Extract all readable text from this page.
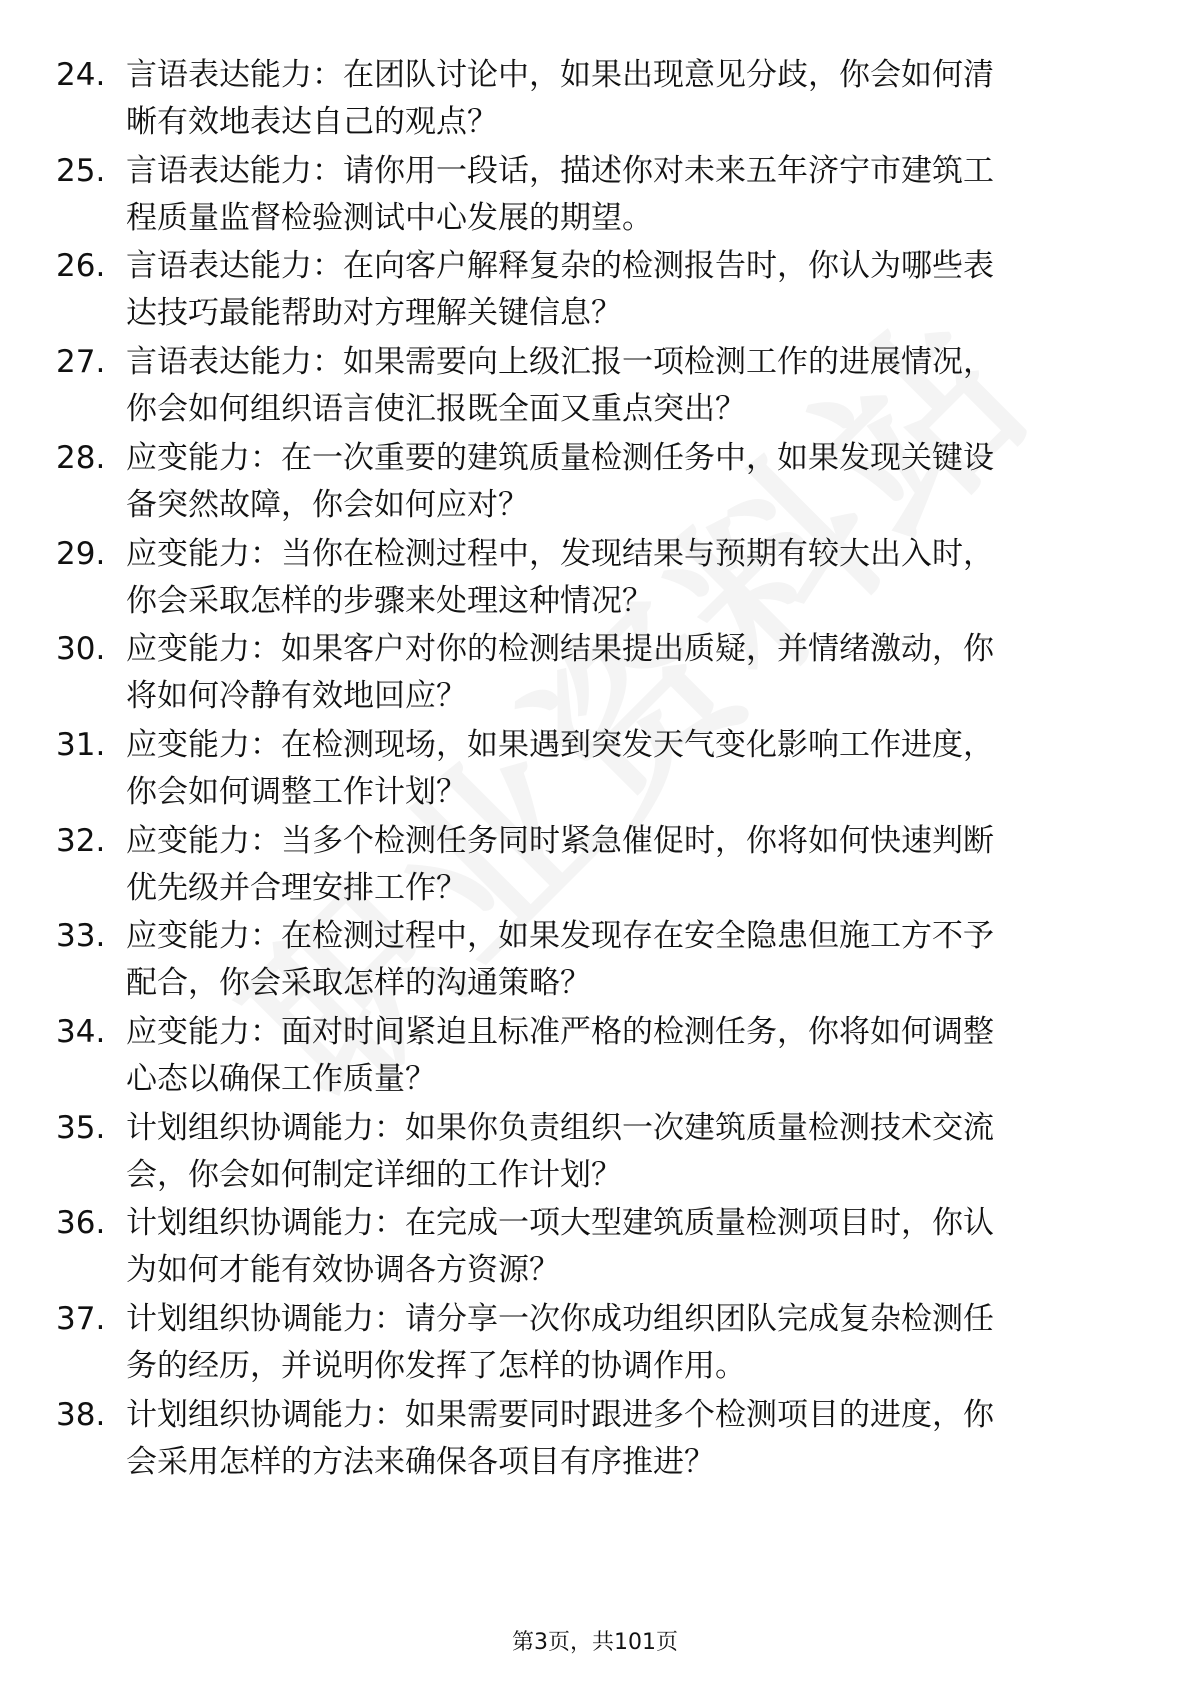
24. 言语表达能力：在团队讨论中，如果出现意见分歧，你会如何清
晰有效地表达自己的观点？
25. 言语表达能力：请你用一段话，描述你对未来五年济宁市建筑工
程质量监督检验测试中心发展的期望。
26. 言语表达能力：在向客户解释复杂的检测报告时，你认为哪些表
达技巧最能帮助对方理解关键信息？
27. 言语表达能力：如果需要向上级汇报一项检测工作的进展情况，
你会如何组织语言使汇报既全面又重点突出？
28. 应变能力：在一次重要的建筑质量检测任务中，如果发现关键设
备突然故障，你会如何应对？
29. 应变能力：当你在检测过程中，发现结果与预期有较大出入时，
你会采取怎样的步骤来处理这种情况？
30. 应变能力：如果客户对你的检测结果提出质疑，并情绪激动，你
将如何冷静有效地回应？
31. 应变能力：在检测现场，如果遇到突发天气变化影响工作进度，
你会如何调整工作计划？
32. 应变能力：当多个检测任务同时紧急催促时，你将如何快速判断
优先级并合理安排工作？
33. 应变能力：在检测过程中，如果发现存在安全隐患但施工方不予
配合，你会采取怎样的沟通策略？
34. 应变能力：面对时间紧迫且标准严格的检测任务，你将如何调整
心态以确保工作质量？
35. 计划组织协调能力：如果你负责组织一次建筑质量检测技术交流
会，你会如何制定详细的工作计划？
36. 计划组织协调能力：在完成一项大型建筑质量检测项目时，你认
为如何才能有效协调各方资源？
37. 计划组织协调能力：请分享一次你成功组织团队完成复杂检测任
务的经历，并说明你发挥了怎样的协调作用。
38. 计划组织协调能力：如果需要同时跟进多个检测项目的进度，你
会采用怎样的方法来确保各项目有序推进？
第3页，共101页
